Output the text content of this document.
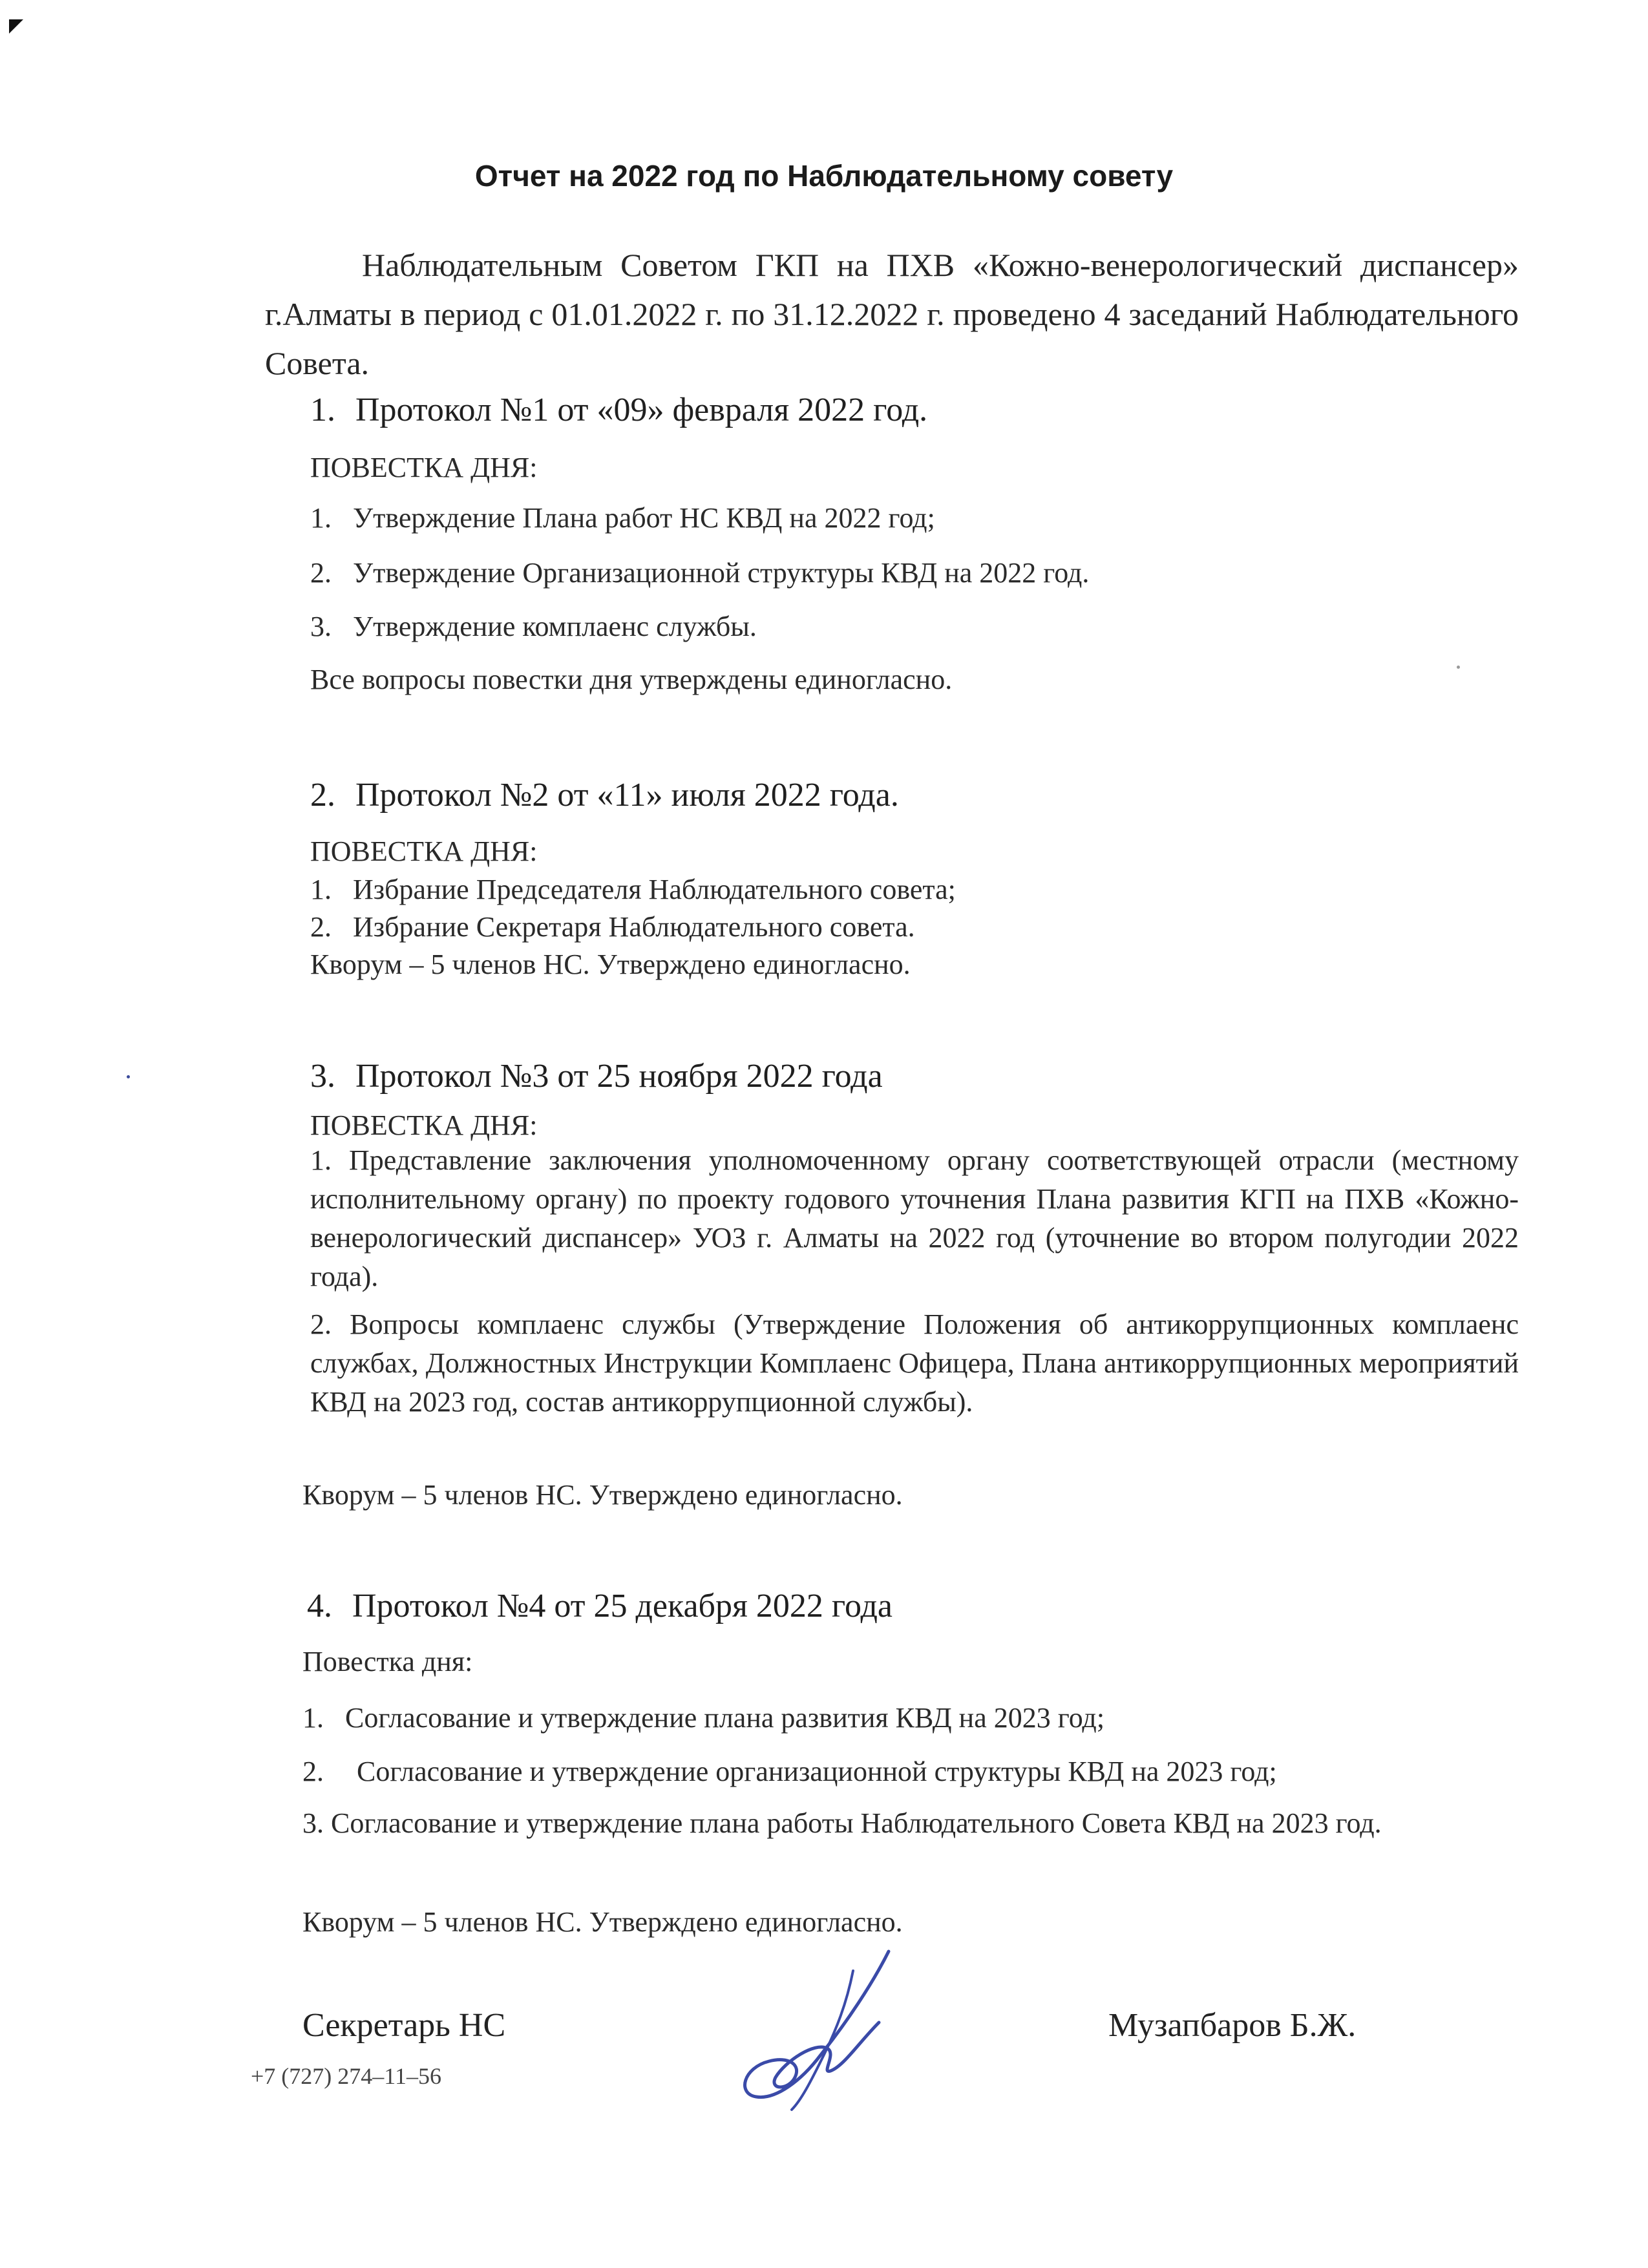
Отчет на 2022 год по Наблюдательному совету

Наблюдательным Советом ГКП на ПХВ «Кожно-венерологический диспансер» г.Алматы в период с 01.01.2022 г. по 31.12.2022 г. проведено 4 заседаний Наблюдательного Совета.

1. Протокол №1 от «09» февраля 2022 год.
ПОВЕСТКА ДНЯ:
1. Утверждение Плана работ НС КВД на 2022 год;
2. Утверждение Организационной структуры КВД на 2022 год.
3. Утверждение комплаенс службы.
Все вопросы повестки дня утверждены единогласно.
2. Протокол №2 от «11» июля 2022 года.
ПОВЕСТКА ДНЯ:
1. Избрание Председателя Наблюдательного совета;
2. Избрание Секретаря Наблюдательного совета.
Кворум – 5 членов НС. Утверждено единогласно.
3. Протокол №3 от 25 ноября 2022 года
ПОВЕСТКА ДНЯ:

1. Представление заключения уполномоченному органу соответствующей отрасли (местному исполнительному органу) по проекту годового уточнения Плана развития КГП на ПХВ «Кожно-венерологический диспансер» УОЗ г. Алматы на 2022 год (уточнение во втором полугодии 2022 года).

2. Вопросы комплаенс службы (Утверждение Положения об антикоррупционных комплаенс службах, Должностных Инструкции Комплаенс Офицера, Плана антикоррупционных мероприятий КВД на 2023 год, состав антикоррупционной службы).

Кворум – 5 членов НС. Утверждено единогласно.
4. Протокол №4 от 25 декабря 2022 года
Повестка дня:
1. Согласование и утверждение плана развития КВД на 2023 год;
2. Согласование и утверждение организационной структуры КВД на 2023 год;

3. Согласование и утверждение плана работы Наблюдательного Совета КВД на 2023 год.

Кворум – 5 членов НС. Утверждено единогласно.
Секретарь НС	Музапбаров Б.Ж.
+7 (727) 274–11–56
